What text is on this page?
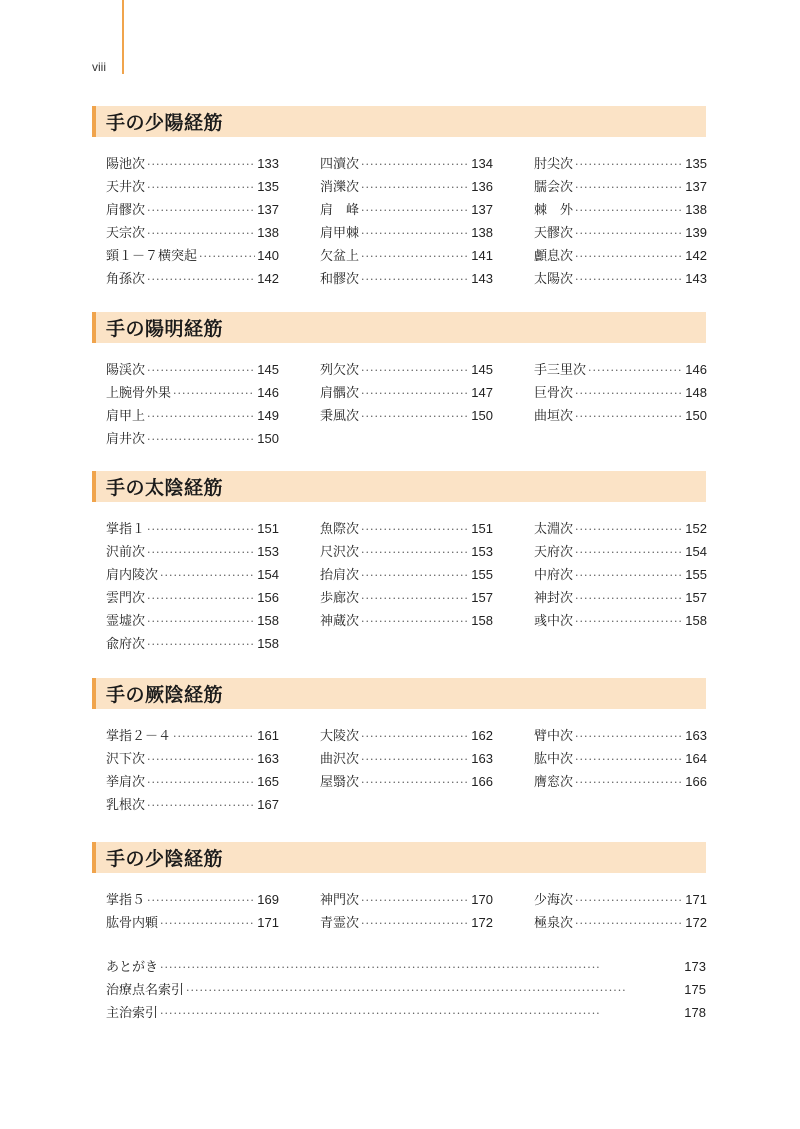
viii
手の少陽経筋
陽池次 ·····	133	四瀆次 ·····	134	肘尖次 ·····	135
天井次 ·····	135	消濼次 ·····	136	臑会次 ·····	137
肩髎次 ·····	137	肩　峰 ·····	137	棘　外 ·····	138
天宗次 ·····	138	肩甲棘 ·····	138	天髎次 ·····	139
頸１－７横突起 ·····	140	欠盆上 ·····	141	顱息次 ·····	142
角孫次 ·····	142	和髎次 ·····	143	太陽次 ·····	143
手の陽明経筋
陽渓次 ·····	145	列欠次 ·····	145	手三里次 ·····	146
上腕骨外果 ·····	146	肩髃次 ·····	147	巨骨次 ·····	148
肩甲上 ·····	149	秉風次 ·····	150	曲垣次 ·····	150
肩井次 ·····	150
手の太陰経筋
掌指１ ·····	151	魚際次 ·····	151	太淵次 ·····	152
沢前次 ·····	153	尺沢次 ·····	153	天府次 ·····	154
肩内陵次 ·····	154	抬肩次 ·····	155	中府次 ·····	155
雲門次 ·····	156	歩廊次 ·····	157	神封次 ·····	157
霊墟次 ·····	158	神蔵次 ·····	158	彧中次 ·····	158
兪府次 ·····	158
手の厥陰経筋
掌指２－４ ·····	161	大陵次 ·····	162	臂中次 ·····	163
沢下次 ·····	163	曲沢次 ·····	163	肱中次 ·····	164
挙肩次 ·····	165	屋翳次 ·····	166	膺窓次 ·····	166
乳根次 ·····	167
手の少陰経筋
掌指５ ·····	169	神門次 ·····	170	少海次 ·····	171
肱骨内顆 ·····	171	青霊次 ·····	172	極泉次 ·····	172
あとがき ·····	173
治療点名索引 ·····	175
主治索引 ·····	178
